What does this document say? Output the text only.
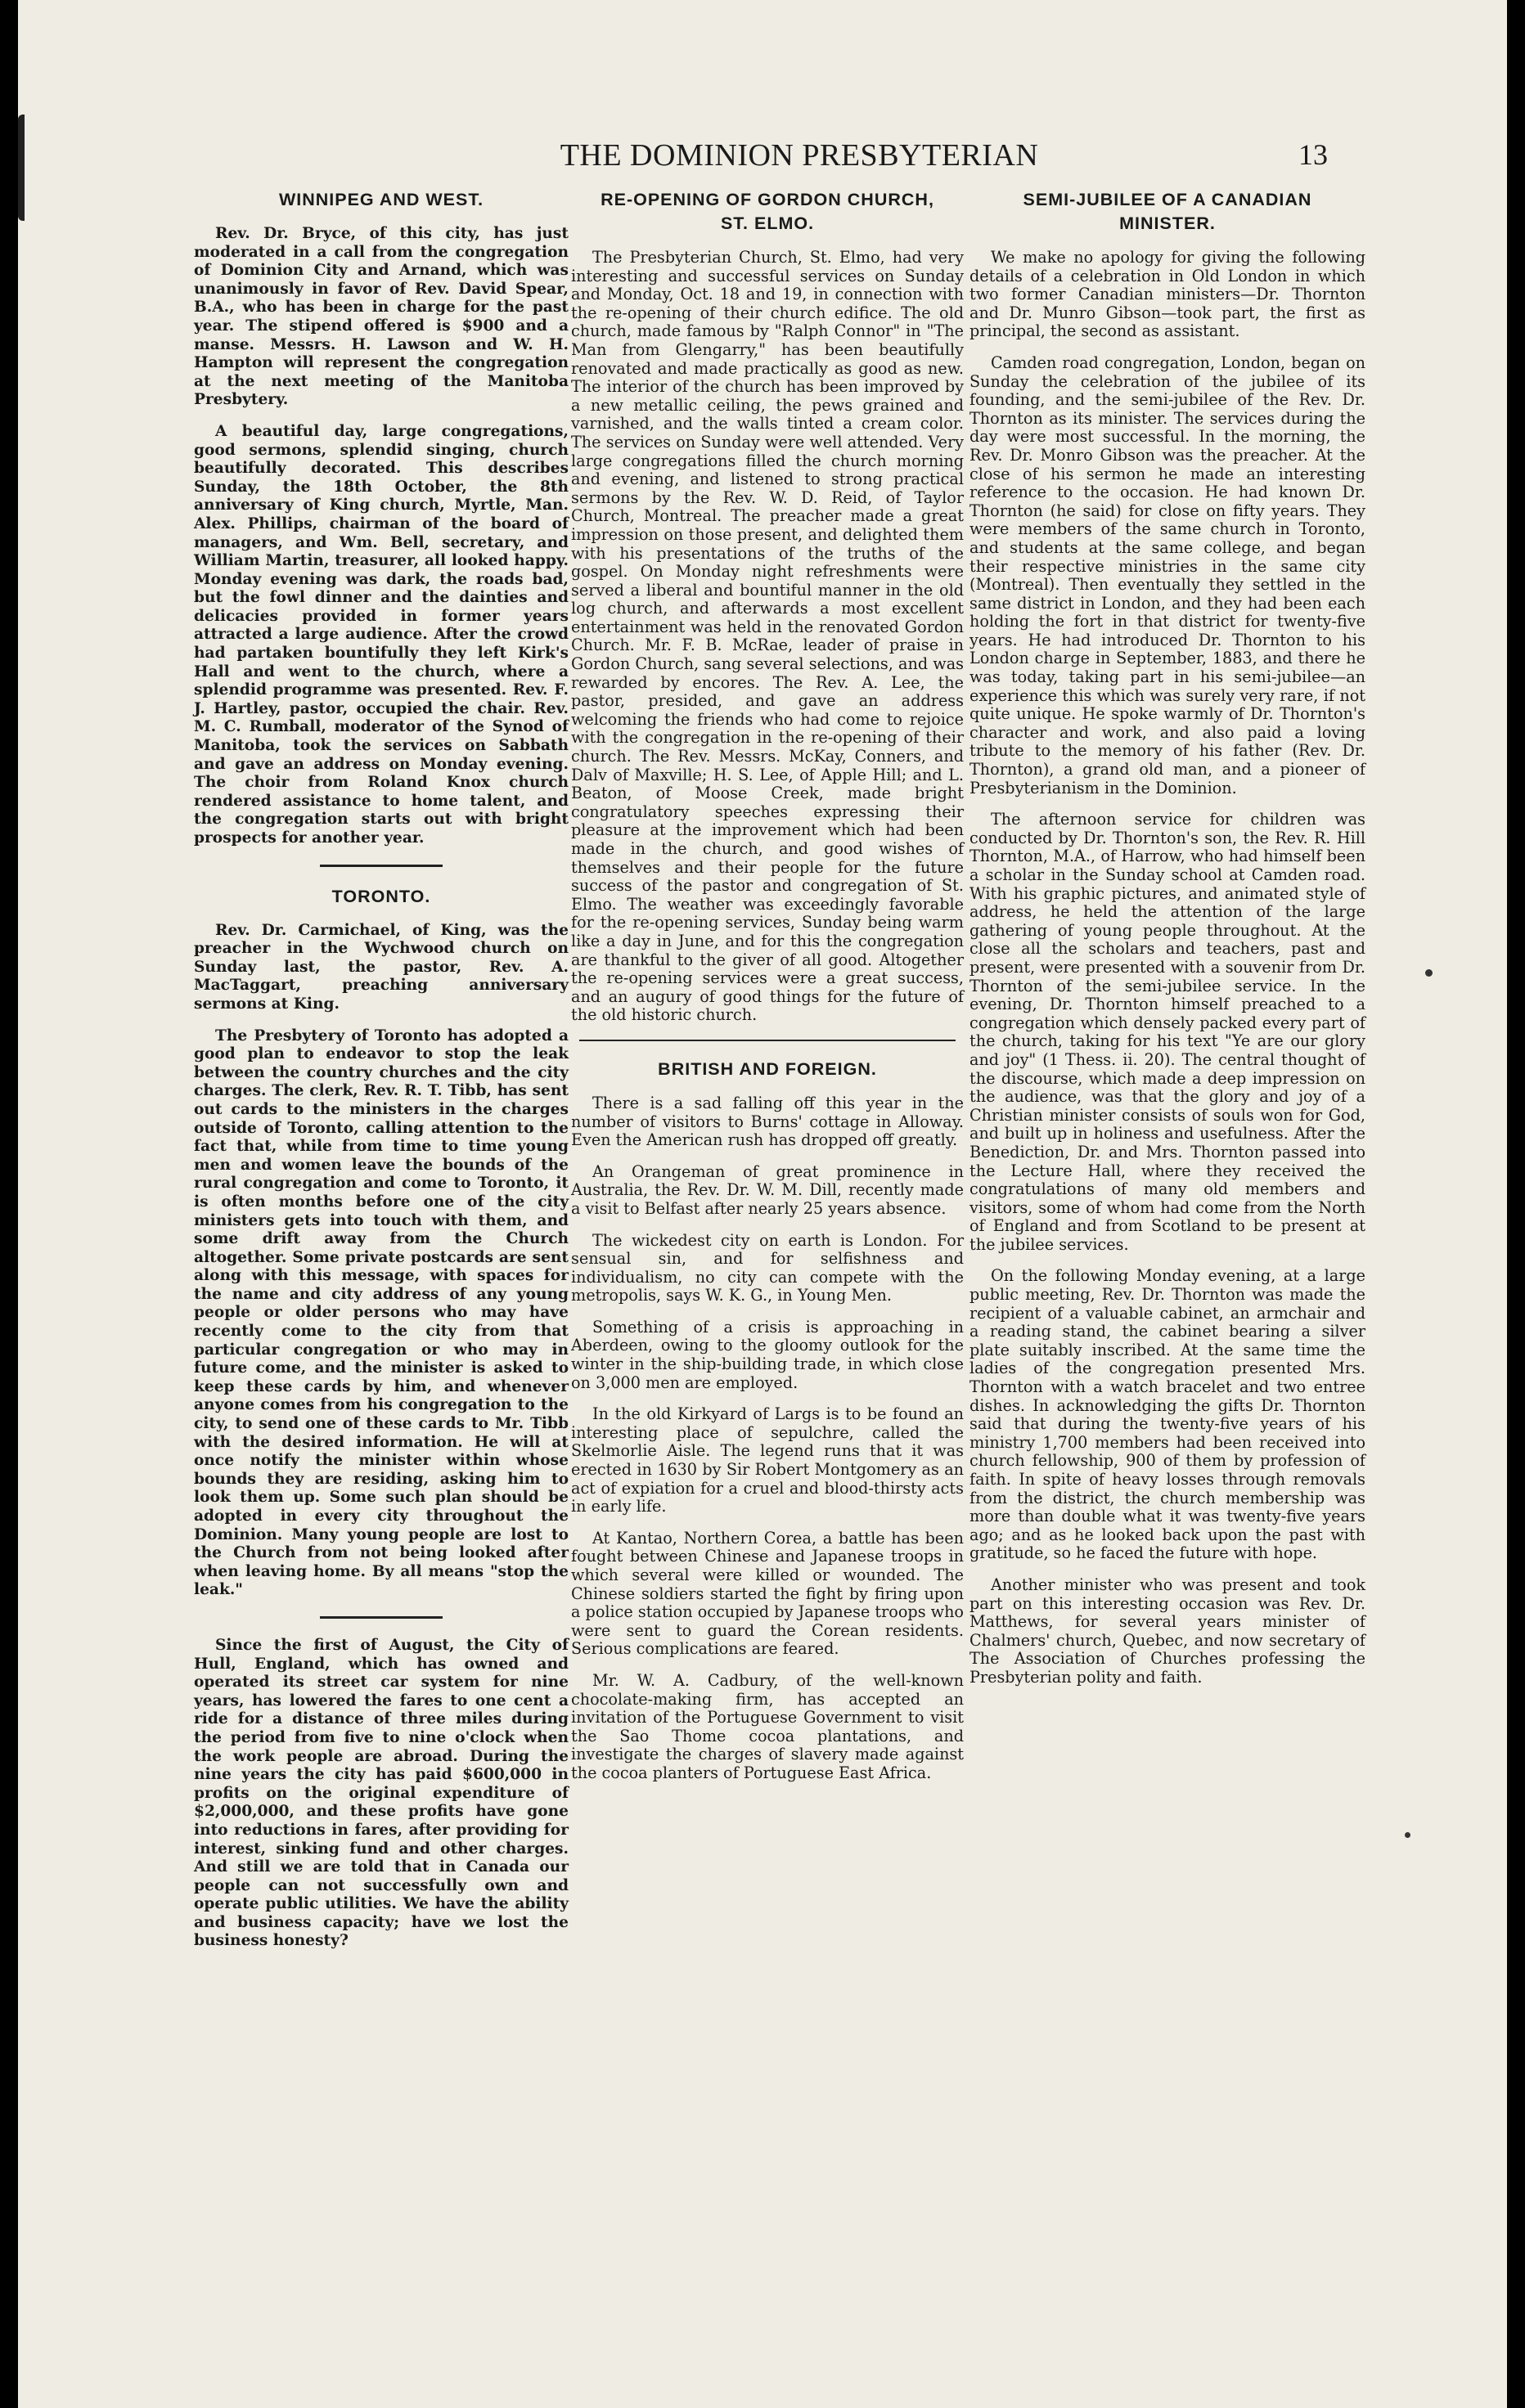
THE DOMINION PRESBYTERIAN	13
WINNIPEG AND WEST.

Rev. Dr. Bryce, of this city, has just moderated in a call from the congregation of Dominion City and Arnand, which was unanimously in favor of Rev. David Spear, B.A., who has been in charge for the past year. The stipend offered is $900 and a manse. Messrs. H. Lawson and W. H. Hampton will represent the congregation at the next meeting of the Manitoba Presbytery.

A beautiful day, large congregations, good sermons, splendid singing, church beautifully decorated. This describes Sunday, the 18th October, the 8th anniversary of King church, Myrtle, Man. Alex. Phillips, chairman of the board of managers, and Wm. Bell, secretary, and William Martin, treasurer, all looked happy. Monday evening was dark, the roads bad, but the fowl dinner and the dainties and delicacies provided in former years attracted a large audience. After the crowd had partaken bountifully they left Kirk's Hall and went to the church, where a splendid programme was presented. Rev. F. J. Hartley, pastor, occupied the chair. Rev. M. C. Rumball, moderator of the Synod of Manitoba, took the services on Sabbath and gave an address on Monday evening. The choir from Roland Knox church rendered assistance to home talent, and the congregation starts out with bright prospects for another year.

TORONTO.

Rev. Dr. Carmichael, of King, was the preacher in the Wychwood church on Sunday last, the pastor, Rev. A. MacTaggart, preaching anniversary sermons at King.

The Presbytery of Toronto has adopted a good plan to endeavor to stop the leak between the country churches and the city charges. The clerk, Rev. R. T. Tibb, has sent out cards to the ministers in the charges outside of Toronto, calling attention to the fact that, while from time to time young men and women leave the bounds of the rural congregation and come to Toronto, it is often months before one of the city ministers gets into touch with them, and some drift away from the Church altogether. Some private postcards are sent along with this message, with spaces for the name and city address of any young people or older persons who may have recently come to the city from that particular congregation or who may in future come, and the minister is asked to keep these cards by him, and whenever anyone comes from his congregation to the city, to send one of these cards to Mr. Tibb with the desired information. He will at once notify the minister within whose bounds they are residing, asking him to look them up. Some such plan should be adopted in every city throughout the Dominion. Many young people are lost to the Church from not being looked after when leaving home. By all means "stop the leak."

Since the first of August, the City of Hull, England, which has owned and operated its street car system for nine years, has lowered the fares to one cent a ride for a distance of three miles during the period from five to nine o'clock when the work people are abroad. During the nine years the city has paid $600,000 in profits on the original expenditure of $2,000,000, and these profits have gone into reductions in fares, after providing for interest, sinking fund and other charges. And still we are told that in Canada our people can not successfully own and operate public utilities. We have the ability and business capacity; have we lost the business honesty?

RE-OPENING OF GORDON CHURCH,
ST. ELMO.

The Presbyterian Church, St. Elmo, had very interesting and successful services on Sunday and Monday, Oct. 18 and 19, in connection with the re-opening of their church edifice. The old church, made famous by "Ralph Connor" in "The Man from Glengarry," has been beautifully renovated and made practically as good as new. The interior of the church has been improved by a new metallic ceiling, the pews grained and varnished, and the walls tinted a cream color. The services on Sunday were well attended. Very large congregations filled the church morning and evening, and listened to strong practical sermons by the Rev. W. D. Reid, of Taylor Church, Montreal. The preacher made a great impression on those present, and delighted them with his presentations of the truths of the gospel. On Monday night refreshments were served a liberal and bountiful manner in the old log church, and afterwards a most excellent entertainment was held in the renovated Gordon Church. Mr. F. B. McRae, leader of praise in Gordon Church, sang several selections, and was rewarded by encores. The Rev. A. Lee, the pastor, presided, and gave an address welcoming the friends who had come to rejoice with the congregation in the re-opening of their church. The Rev. Messrs. McKay, Conners, and Dalv of Maxville; H. S. Lee, of Apple Hill; and L. Beaton, of Moose Creek, made bright congratulatory speeches expressing their pleasure at the improvement which had been made in the church, and good wishes of themselves and their people for the future success of the pastor and congregation of St. Elmo. The weather was exceedingly favorable for the re-opening services, Sunday being warm like a day in June, and for this the congregation are thankful to the giver of all good. Altogether the re-opening services were a great success, and an augury of good things for the future of the old historic church.

BRITISH AND FOREIGN.

There is a sad falling off this year in the number of visitors to Burns' cottage in Alloway. Even the American rush has dropped off greatly.

An Orangeman of great prominence in Australia, the Rev. Dr. W. M. Dill, recently made a visit to Belfast after nearly 25 years absence.

The wickedest city on earth is London. For sensual sin, and for selfishness and individualism, no city can compete with the metropolis, says W. K. G., in Young Men.

Something of a crisis is approaching in Aberdeen, owing to the gloomy outlook for the winter in the ship-building trade, in which close on 3,000 men are employed.

In the old Kirkyard of Largs is to be found an interesting place of sepulchre, called the Skelmorlie Aisle. The legend runs that it was erected in 1630 by Sir Robert Montgomery as an act of expiation for a cruel and blood-thirsty acts in early life.

At Kantao, Northern Corea, a battle has been fought between Chinese and Japanese troops in which several were killed or wounded. The Chinese soldiers started the fight by firing upon a police station occupied by Japanese troops who were sent to guard the Corean residents. Serious complications are feared.

Mr. W. A. Cadbury, of the well-known chocolate-making firm, has accepted an invitation of the Portuguese Government to visit the Sao Thome cocoa plantations, and investigate the charges of slavery made against the cocoa planters of Portuguese East Africa.

SEMI-JUBILEE OF A CANADIAN
MINISTER.

We make no apology for giving the following details of a celebration in Old London in which two former Canadian ministers—Dr. Thornton and Dr. Munro Gibson—took part, the first as principal, the second as assistant.

Camden road congregation, London, began on Sunday the celebration of the jubilee of its founding, and the semi-jubilee of the Rev. Dr. Thornton as its minister. The services during the day were most successful. In the morning, the Rev. Dr. Monro Gibson was the preacher. At the close of his sermon he made an interesting reference to the occasion. He had known Dr. Thornton (he said) for close on fifty years. They were members of the same church in Toronto, and students at the same college, and began their respective ministries in the same city (Montreal). Then eventually they settled in the same district in London, and they had been each holding the fort in that district for twenty-five years. He had introduced Dr. Thornton to his London charge in September, 1883, and there he was today, taking part in his semi-jubilee—an experience this which was surely very rare, if not quite unique. He spoke warmly of Dr. Thornton's character and work, and also paid a loving tribute to the memory of his father (Rev. Dr. Thornton), a grand old man, and a pioneer of Presbyterianism in the Dominion.

The afternoon service for children was conducted by Dr. Thornton's son, the Rev. R. Hill Thornton, M.A., of Harrow, who had himself been a scholar in the Sunday school at Camden road. With his graphic pictures, and animated style of address, he held the attention of the large gathering of young people throughout. At the close all the scholars and teachers, past and present, were presented with a souvenir from Dr. Thornton of the semi-jubilee service. In the evening, Dr. Thornton himself preached to a congregation which densely packed every part of the church, taking for his text "Ye are our glory and joy" (1 Thess. ii. 20). The central thought of the discourse, which made a deep impression on the audience, was that the glory and joy of a Christian minister consists of souls won for God, and built up in holiness and usefulness. After the Benediction, Dr. and Mrs. Thornton passed into the Lecture Hall, where they received the congratulations of many old members and visitors, some of whom had come from the North of England and from Scotland to be present at the jubilee services.

On the following Monday evening, at a large public meeting, Rev. Dr. Thornton was made the recipient of a valuable cabinet, an armchair and a reading stand, the cabinet bearing a silver plate suitably inscribed. At the same time the ladies of the congregation presented Mrs. Thornton with a watch bracelet and two entree dishes. In acknowledging the gifts Dr. Thornton said that during the twenty-five years of his ministry 1,700 members had been received into church fellowship, 900 of them by profession of faith. In spite of heavy losses through removals from the district, the church membership was more than double what it was twenty-five years ago; and as he looked back upon the past with gratitude, so he faced the future with hope.

Another minister who was present and took part on this interesting occasion was Rev. Dr. Matthews, for several years minister of Chalmers' church, Quebec, and now secretary of The Association of Churches professing the Presbyterian polity and faith.
